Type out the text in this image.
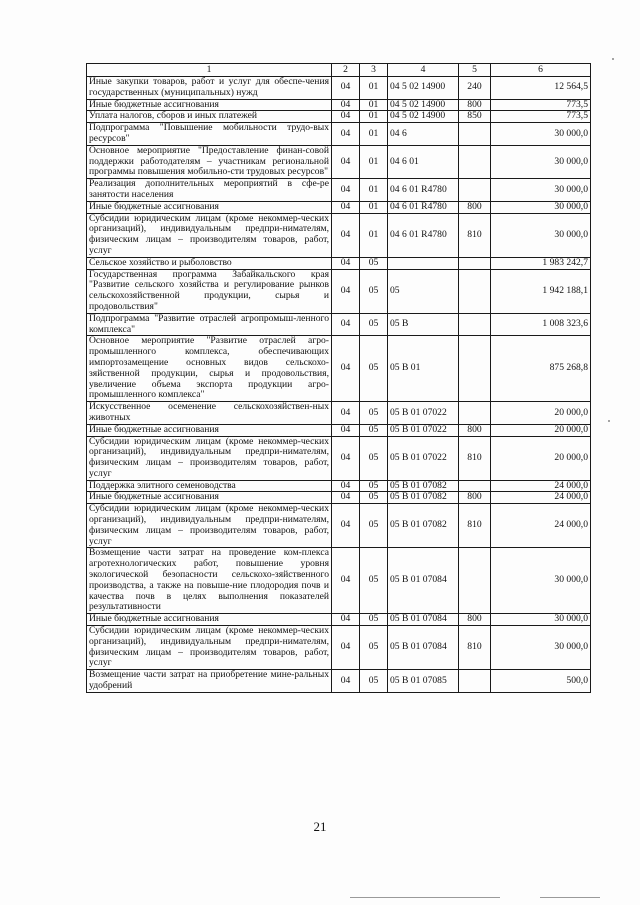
1	2	3	4	5	6
Иные закупки товаров, работ и услуг для обеспе-чения государственных (муниципальных) нужд	04	01	04 5 02 14900	240	12 564,5
Иные бюджетные ассигнования	04	01	04 5 02 14900	800	773,5
Уплата налогов, сборов и иных платежей	04	01	04 5 02 14900	850	773,5
Подпрограмма "Повышение мобильности трудо-вых ресурсов"	04	01	04 6		30 000,0
Основное мероприятие "Предоставление финан-совой поддержки работодателям – участникам региональной программы повышения мобильно-сти трудовых ресурсов"	04	01	04 6 01		30 000,0
Реализация дополнительных мероприятий в сфе-ре занятости населения	04	01	04 6 01 R4780		30 000,0
Иные бюджетные ассигнования	04	01	04 6 01 R4780	800	30 000,0
Субсидии юридическим лицам (кроме некоммер-ческих организаций), индивидуальным предпри-нимателям, физическим лицам – производителям товаров, работ, услуг	04	01	04 6 01 R4780	810	30 000,0
Сельское хозяйство и рыболовство	04	05			1 983 242,7
Государственная программа Забайкальского края "Развитие сельского хозяйства и регулирование рынков сельскохозяйственной продукции, сырья и продовольствия"	04	05	05		1 942 188,1
Подпрограмма "Развитие отраслей агропромыш-ленного комплекса"	04	05	05 В		1 008 323,6
Основное мероприятие "Развитие отраслей агро-промышленного комплекса, обеспечивающих импортозамещение основных видов сельскохо-зяйственной продукции, сырья и продовольствия, увеличение объема экспорта продукции агро-промышленного комплекса"	04	05	05 В 01		875 268,8
Искусственное осеменение сельскохозяйствен-ных животных	04	05	05 В 01 07022		20 000,0
Иные бюджетные ассигнования	04	05	05 В 01 07022	800	20 000,0
Субсидии юридическим лицам (кроме некоммер-ческих организаций), индивидуальным предпри-нимателям, физическим лицам – производителям товаров, работ, услуг	04	05	05 В 01 07022	810	20 000,0
Поддержка элитного семеноводства	04	05	05 В 01 07082		24 000,0
Иные бюджетные ассигнования	04	05	05 В 01 07082	800	24 000,0
Субсидии юридическим лицам (кроме некоммер-ческих организаций), индивидуальным предпри-нимателям, физическим лицам – производителям товаров, работ, услуг	04	05	05 В 01 07082	810	24 000,0
Возмещение части затрат на проведение ком-плекса агротехнологических работ, повышение уровня экологической безопасности сельскохо-зяйственного производства, а также на повыше-ние плодородия почв и качества почв в целях выполнения показателей результативности	04	05	05 В 01 07084		30 000,0
Иные бюджетные ассигнования	04	05	05 В 01 07084	800	30 000,0
Субсидии юридическим лицам (кроме некоммер-ческих организаций), индивидуальным предпри-нимателям, физическим лицам – производителям товаров, работ, услуг	04	05	05 В 01 07084	810	30 000,0
Возмещение части затрат на приобретение мине-ральных удобрений	04	05	05 В 01 07085		500,0
21
